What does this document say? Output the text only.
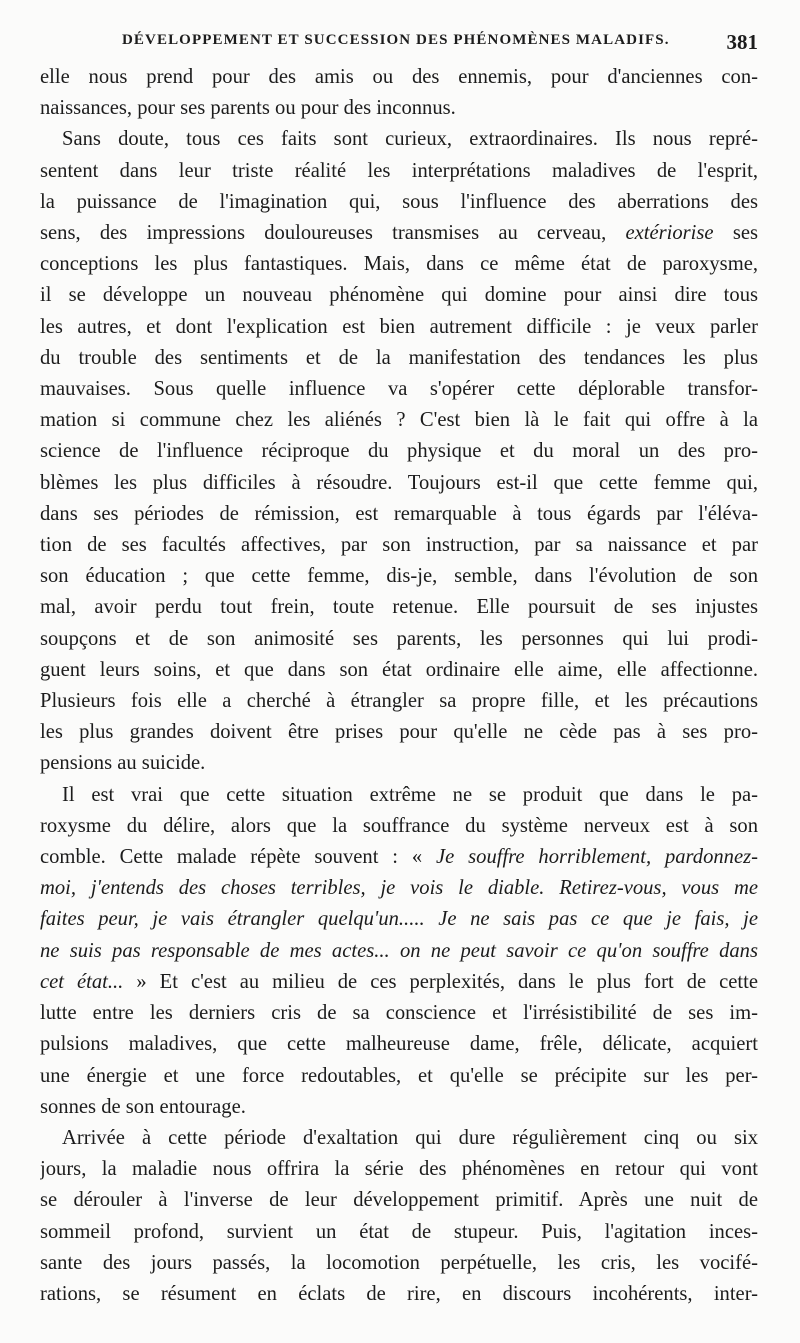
DÉVELOPPEMENT ET SUCCESSION DES PHÉNOMÈNES MALADIFS.	381
elle nous prend pour des amis ou des ennemis, pour d'anciennes con-
naissances, pour ses parents ou pour des inconnus.
Sans doute, tous ces faits sont curieux, extraordinaires. Ils nous repré-
sentent dans leur triste réalité les interprétations maladives de l'esprit,
la puissance de l'imagination qui, sous l'influence des aberrations des
sens, des impressions douloureuses transmises au cerveau, extériorise ses
conceptions les plus fantastiques. Mais, dans ce même état de paroxysme,
il se développe un nouveau phénomène qui domine pour ainsi dire tous
les autres, et dont l'explication est bien autrement difficile : je veux parler
du trouble des sentiments et de la manifestation des tendances les plus
mauvaises. Sous quelle influence va s'opérer cette déplorable transfor-
mation si commune chez les aliénés ? C'est bien là le fait qui offre à la
science de l'influence réciproque du physique et du moral un des pro-
blèmes les plus difficiles à résoudre. Toujours est-il que cette femme qui,
dans ses périodes de rémission, est remarquable à tous égards par l'éléva-
tion de ses facultés affectives, par son instruction, par sa naissance et par
son éducation ; que cette femme, dis-je, semble, dans l'évolution de son
mal, avoir perdu tout frein, toute retenue. Elle poursuit de ses injustes
soupçons et de son animosité ses parents, les personnes qui lui prodi-
guent leurs soins, et que dans son état ordinaire elle aime, elle affectionne.
Plusieurs fois elle a cherché à étrangler sa propre fille, et les précautions
les plus grandes doivent être prises pour qu'elle ne cède pas à ses pro-
pensions au suicide.
Il est vrai que cette situation extrême ne se produit que dans le pa-
roxysme du délire, alors que la souffrance du système nerveux est à son
comble. Cette malade répète souvent : « Je souffre horriblement, pardonnez-
moi, j'entends des choses terribles, je vois le diable. Retirez-vous, vous me
faites peur, je vais étrangler quelqu'un..... Je ne sais pas ce que je fais, je
ne suis pas responsable de mes actes... on ne peut savoir ce qu'on souffre dans
cet état... » Et c'est au milieu de ces perplexités, dans le plus fort de cette
lutte entre les derniers cris de sa conscience et l'irrésistibilité de ses im-
pulsions maladives, que cette malheureuse dame, frêle, délicate, acquiert
une énergie et une force redoutables, et qu'elle se précipite sur les per-
sonnes de son entourage.
Arrivée à cette période d'exaltation qui dure régulièrement cinq ou six
jours, la maladie nous offrira la série des phénomènes en retour qui vont
se dérouler à l'inverse de leur développement primitif. Après une nuit de
sommeil profond, survient un état de stupeur. Puis, l'agitation inces-
sante des jours passés, la locomotion perpétuelle, les cris, les vocifé-
rations, se résument en éclats de rire, en discours incohérents, inter-
